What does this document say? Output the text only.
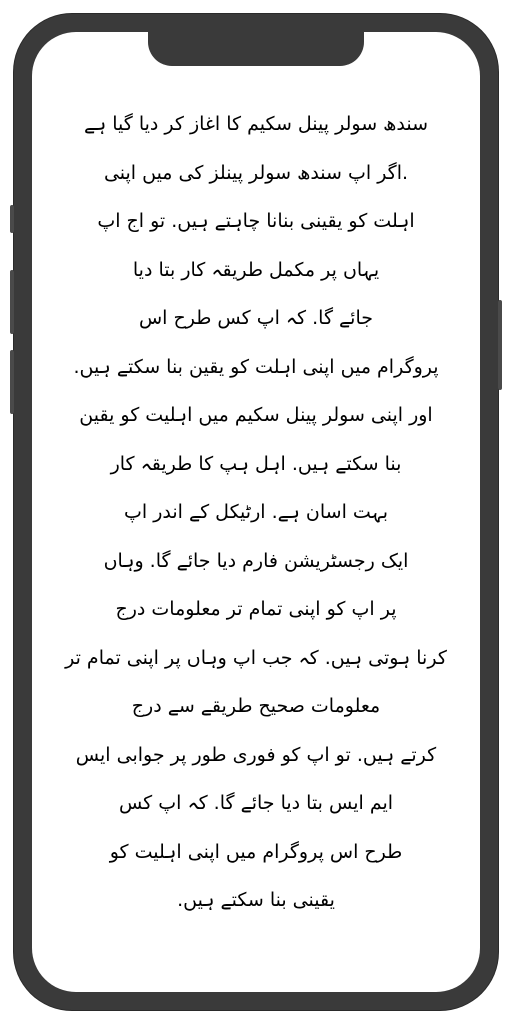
سندھ سولر پینل سکیم کا اغاز کر دیا گیا ہے
.اگر اپ سندھ سولر پینلز کی میں اپنی
اہلت کو یقینی بنانا چاہتے ہیں. تو اج اپ
یہاں پر مکمل طریقہ کار بتا دیا
جائے گا. کہ اپ کس طرح اس
پروگرام میں اپنی اہلت کو یقین بنا سکتے ہیں.
اور اپنی سولر پینل سکیم میں اہلیت کو یقین
بنا سکتے ہیں. اہل ہپ کا طریقہ کار
بہت اسان ہے. ارٹیکل کے اندر اپ
ایک رجسٹریشن فارم دیا جائے گا. وہاں
پر اپ کو اپنی تمام تر معلومات درج
کرنا ہوتی ہیں. کہ جب اپ وہاں پر اپنی تمام تر
معلومات صحیح طریقے سے درج
کرتے ہیں. تو اپ کو فوری طور پر جوابی ایس
ایم ایس بتا دیا جائے گا. کہ اپ کس
طرح اس پروگرام میں اپنی اہلیت کو
یقینی بنا سکتے ہیں.
